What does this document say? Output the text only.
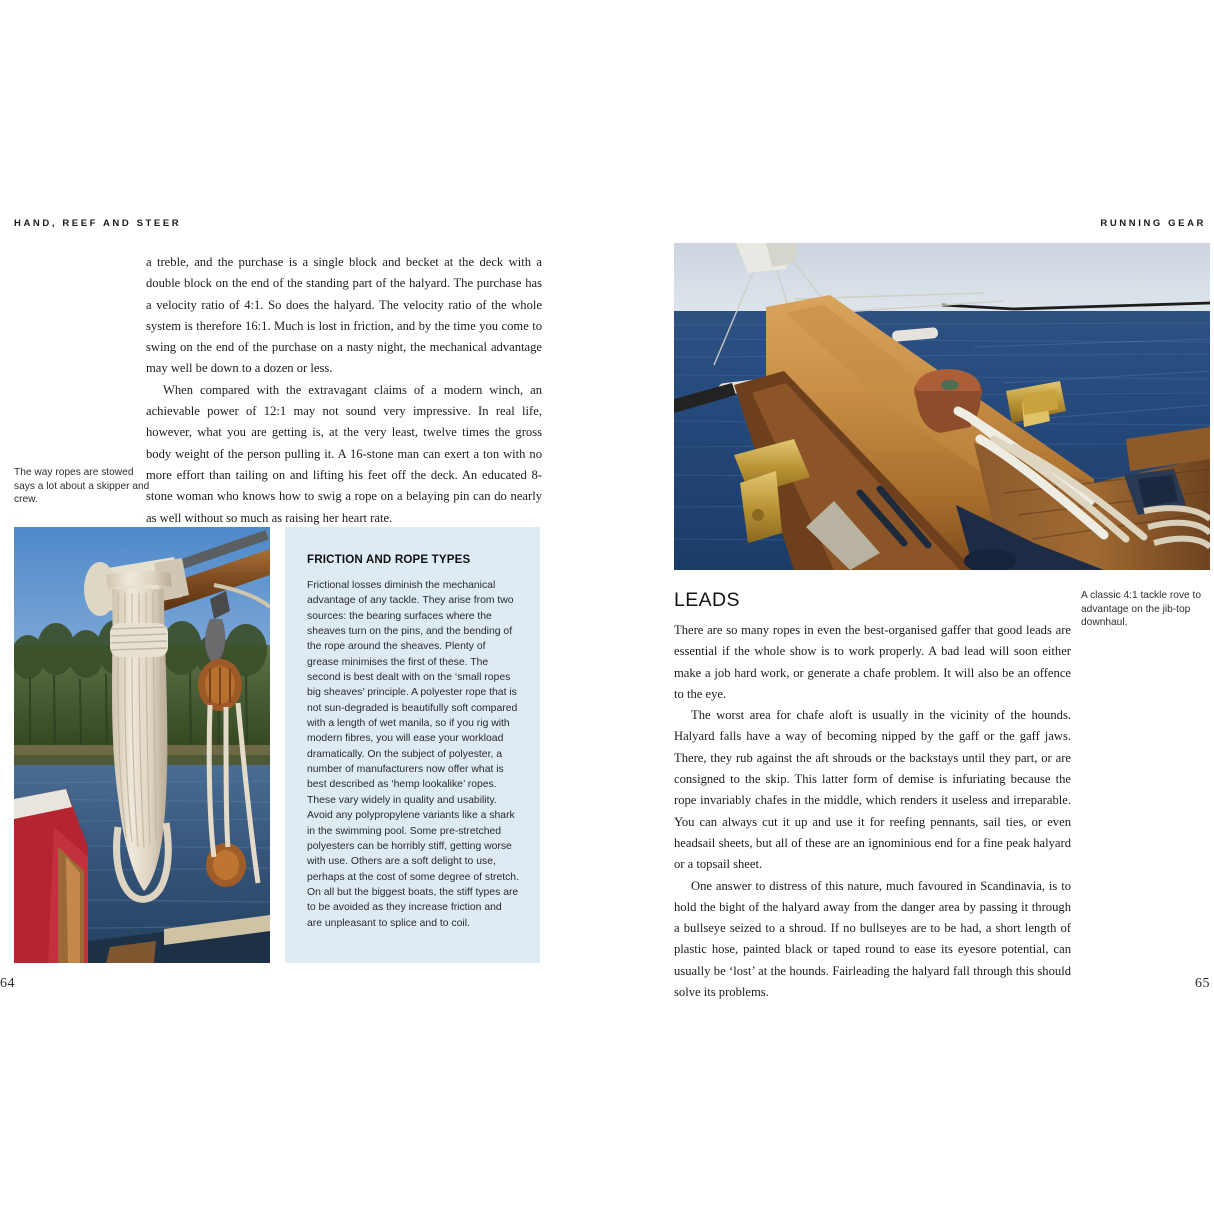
HAND, REEF AND STEER	RUNNING GEAR

a treble, and the purchase is a single block and becket at the deck with a double block on the end of the standing part of the halyard. The purchase has a velocity ratio of 4:1. So does the halyard. The velocity ratio of the whole system is therefore 16:1. Much is lost in friction, and by the time you come to swing on the end of the purchase on a nasty night, the mechanical advantage may well be down to a dozen or less.

When compared with the extravagant claims of a modern winch, an achievable power of 12:1 may not sound very impressive. In real life, however, what you are getting is, at the very least, twelve times the gross body weight of the person pulling it. A 16-stone man can exert a ton with no more effort than tailing on and lifting his feet off the deck. An educated 8-stone woman who knows how to swig a rope on a belaying pin can do nearly as well without so much as raising her heart rate.

The way ropes are stowed says a lot about a skipper and crew.
FRICTION AND ROPE TYPES
Frictional losses diminish the mechanical advantage of any tackle. They arise from two sources: the bearing surfaces where the sheaves turn on the pins, and the bending of the rope around the sheaves. Plenty of grease minimises the first of these. The second is best dealt with on the ‘small ropes big sheaves’ principle. A polyester rope that is not sun-degraded is beautifully soft compared with a length of wet manila, so if you rig with modern fibres, you will ease your workload dramatically. On the subject of polyester, a number of manufacturers now offer what is best described as ‘hemp lookalike’ ropes. These vary widely in quality and usability. Avoid any polypropylene variants like a shark in the swimming pool. Some pre-stretched polyesters can be horribly stiff, getting worse with use. Others are a soft delight to use, perhaps at the cost of some degree of stretch. On all but the biggest boats, the stiff types are to be avoided as they increase friction and are unpleasant to splice and to coil.
64	65
LEADS	A classic 4:1 tackle rove to advantage on the jib-top downhaul.

There are so many ropes in even the best-organised gaffer that good leads are essential if the whole show is to work properly. A bad lead will soon either make a job hard work, or generate a chafe problem. It will also be an offence to the eye.

The worst area for chafe aloft is usually in the vicinity of the hounds. Halyard falls have a way of becoming nipped by the gaff or the gaff jaws. There, they rub against the aft shrouds or the backstays until they part, or are consigned to the skip. This latter form of demise is infuriating because the rope invariably chafes in the middle, which renders it useless and irreparable. You can always cut it up and use it for reefing pennants, sail ties, or even headsail sheets, but all of these are an ignominious end for a fine peak halyard or a topsail sheet.

One answer to distress of this nature, much favoured in Scandinavia, is to hold the bight of the halyard away from the danger area by passing it through a bullseye seized to a shroud. If no bullseyes are to be had, a short length of plastic hose, painted black or taped round to ease its eyesore potential, can usually be ‘lost’ at the hounds. Fairleading the halyard fall through this should solve its problems.
